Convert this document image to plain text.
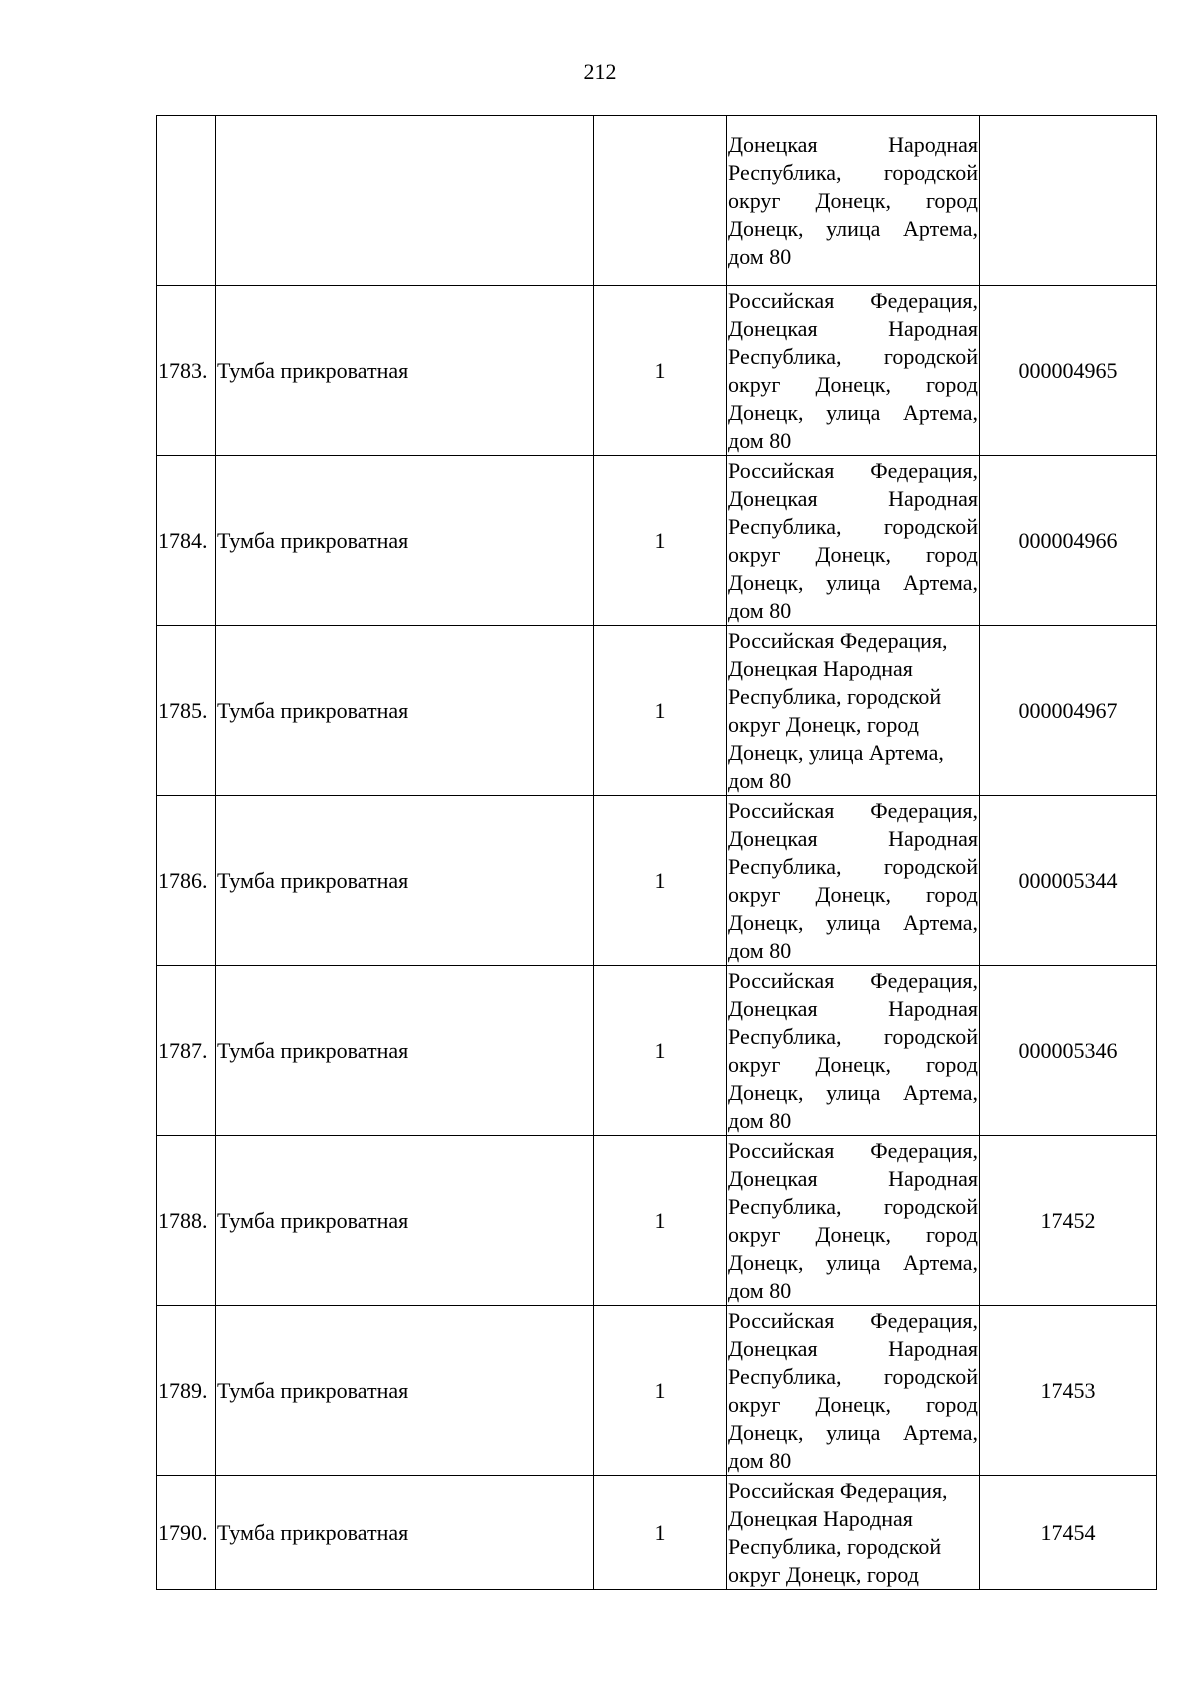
212

			Донецкая Народная Республика, городской округ Донецк, город Донецк, улица Артема, дом 80	

1783.	Тумба прикроватная	1	Российская Федерация, Донецкая Народная Республика, городской округ Донецк, город Донецк, улица Артема, дом 80	000004965
1784.	Тумба прикроватная	1	Российская Федерация, Донецкая Народная Республика, городской округ Донецк, город Донецк, улица Артема, дом 80	000004966
1785.	Тумба прикроватная	1	Российская Федерация, Донецкая Народная Республика, городской округ Донецк, город Донецк, улица Артема, дом 80	000004967
1786.	Тумба прикроватная	1	Российская Федерация, Донецкая Народная Республика, городской округ Донецк, город Донецк, улица Артема, дом 80	000005344
1787.	Тумба прикроватная	1	Российская Федерация, Донецкая Народная Республика, городской округ Донецк, город Донецк, улица Артема, дом 80	000005346
1788.	Тумба прикроватная	1	Российская Федерация, Донецкая Народная Республика, городской округ Донецк, город Донецк, улица Артема, дом 80	17452
1789.	Тумба прикроватная	1	Российская Федерация, Донецкая Народная Республика, городской округ Донецк, город Донецк, улица Артема, дом 80	17453
1790.	Тумба прикроватная	1	Российская Федерация, Донецкая Народная Республика, городской округ Донецк, город	17454
